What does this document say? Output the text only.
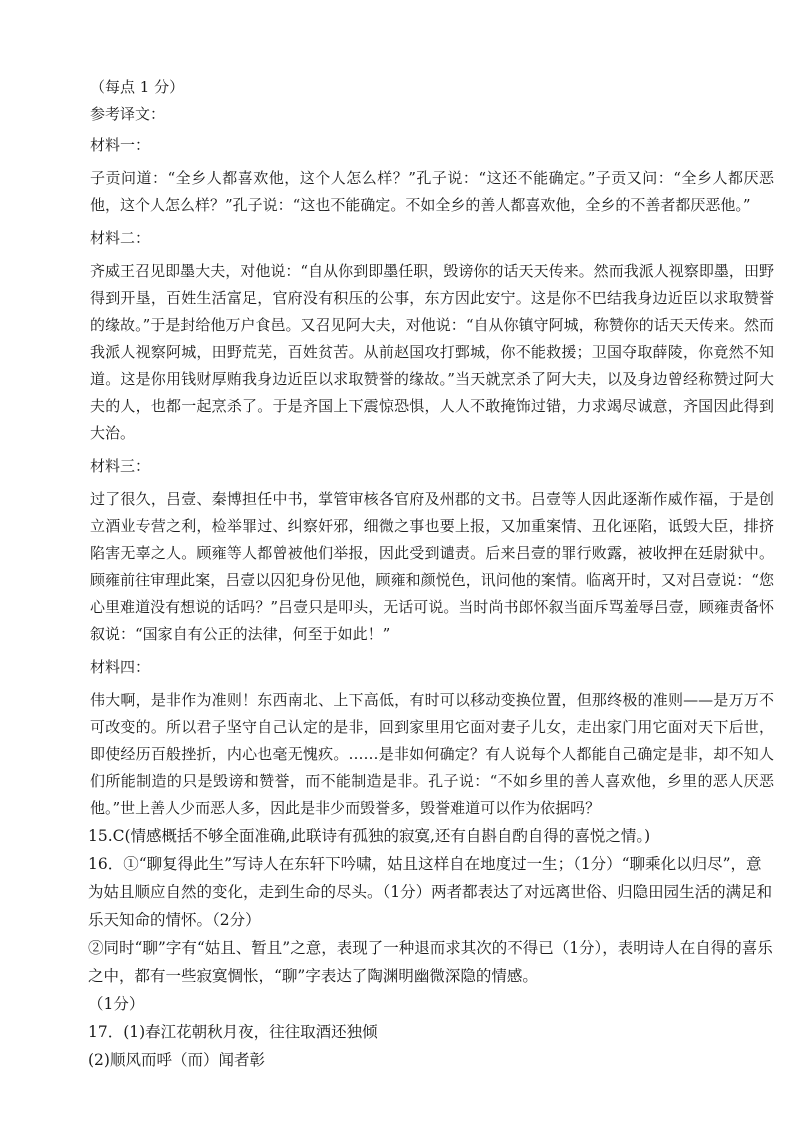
（每点 1 分）

参考译文：

材料一：

子贡问道：“全乡人都喜欢他，这个人怎么样？”孔子说：“这还不能确定。”子贡又问：“全乡人都厌恶他，这个人怎么样？”孔子说：“这也不能确定。不如全乡的善人都喜欢他，全乡的不善者都厌恶他。”

材料二：

齐威王召见即墨大夫，对他说：“自从你到即墨任职，毁谤你的话天天传来。然而我派人视察即墨，田野得到开垦，百姓生活富足，官府没有积压的公事，东方因此安宁。这是你不巴结我身边近臣以求取赞誉的缘故。”于是封给他万户食邑。又召见阿大夫，对他说：“自从你镇守阿城，称赞你的话天天传来。然而我派人视察阿城，田野荒芜，百姓贫苦。从前赵国攻打鄄城，你不能救援；卫国夺取薛陵，你竟然不知道。这是你用钱财厚贿我身边近臣以求取赞誉的缘故。”当天就烹杀了阿大夫，以及身边曾经称赞过阿大夫的人，也都一起烹杀了。于是齐国上下震惊恐惧，人人不敢掩饰过错，力求竭尽诚意，齐国因此得到大治。

材料三：

过了很久，吕壹、秦博担任中书，掌管审核各官府及州郡的文书。吕壹等人因此逐渐作威作福，于是创立酒业专营之利，检举罪过、纠察奸邪，细微之事也要上报，又加重案情、丑化诬陷，诋毁大臣，排挤陷害无辜之人。顾雍等人都曾被他们举报，因此受到谴责。后来吕壹的罪行败露，被收押在廷尉狱中。顾雍前往审理此案，吕壹以囚犯身份见他，顾雍和颜悦色，讯问他的案情。临离开时，又对吕壹说：“您心里难道没有想说的话吗？”吕壹只是叩头，无话可说。当时尚书郎怀叙当面斥骂羞辱吕壹，顾雍责备怀叙说：“国家自有公正的法律，何至于如此！”

材料四：

伟大啊，是非作为准则！东西南北、上下高低，有时可以移动变换位置，但那终极的准则——是万万不可改变的。所以君子坚守自己认定的是非，回到家里用它面对妻子儿女，走出家门用它面对天下后世，即使经历百般挫折，内心也毫无愧疚。……是非如何确定？有人说每个人都能自己确定是非，却不知人们所能制造的只是毁谤和赞誉，而不能制造是非。孔子说：“不如乡里的善人喜欢他，乡里的恶人厌恶他。”世上善人少而恶人多，因此是非少而毁誉多，毁誉难道可以作为依据吗？

15.C(情感概括不够全面准确,此联诗有孤独的寂寞,还有自斟自酌自得的喜悦之情。)

16．①“聊复得此生”写诗人在东轩下吟啸，姑且这样自在地度过一生；（1分）“聊乘化以归尽”，意为姑且顺应自然的变化，走到生命的尽头。（1分）两者都表达了对远离世俗、归隐田园生活的满足和乐天知命的情怀。（2分）

②同时“聊”字有“姑且、暂且”之意，表现了一种退而求其次的不得已（1分），表明诗人在自得的喜乐之中，都有一些寂寞惆怅，“聊”字表达了陶渊明幽微深隐的情感。

（1分）

17．(1)春江花朝秋月夜，往往取酒还独倾

(2)顺风而呼（而）闻者彰
